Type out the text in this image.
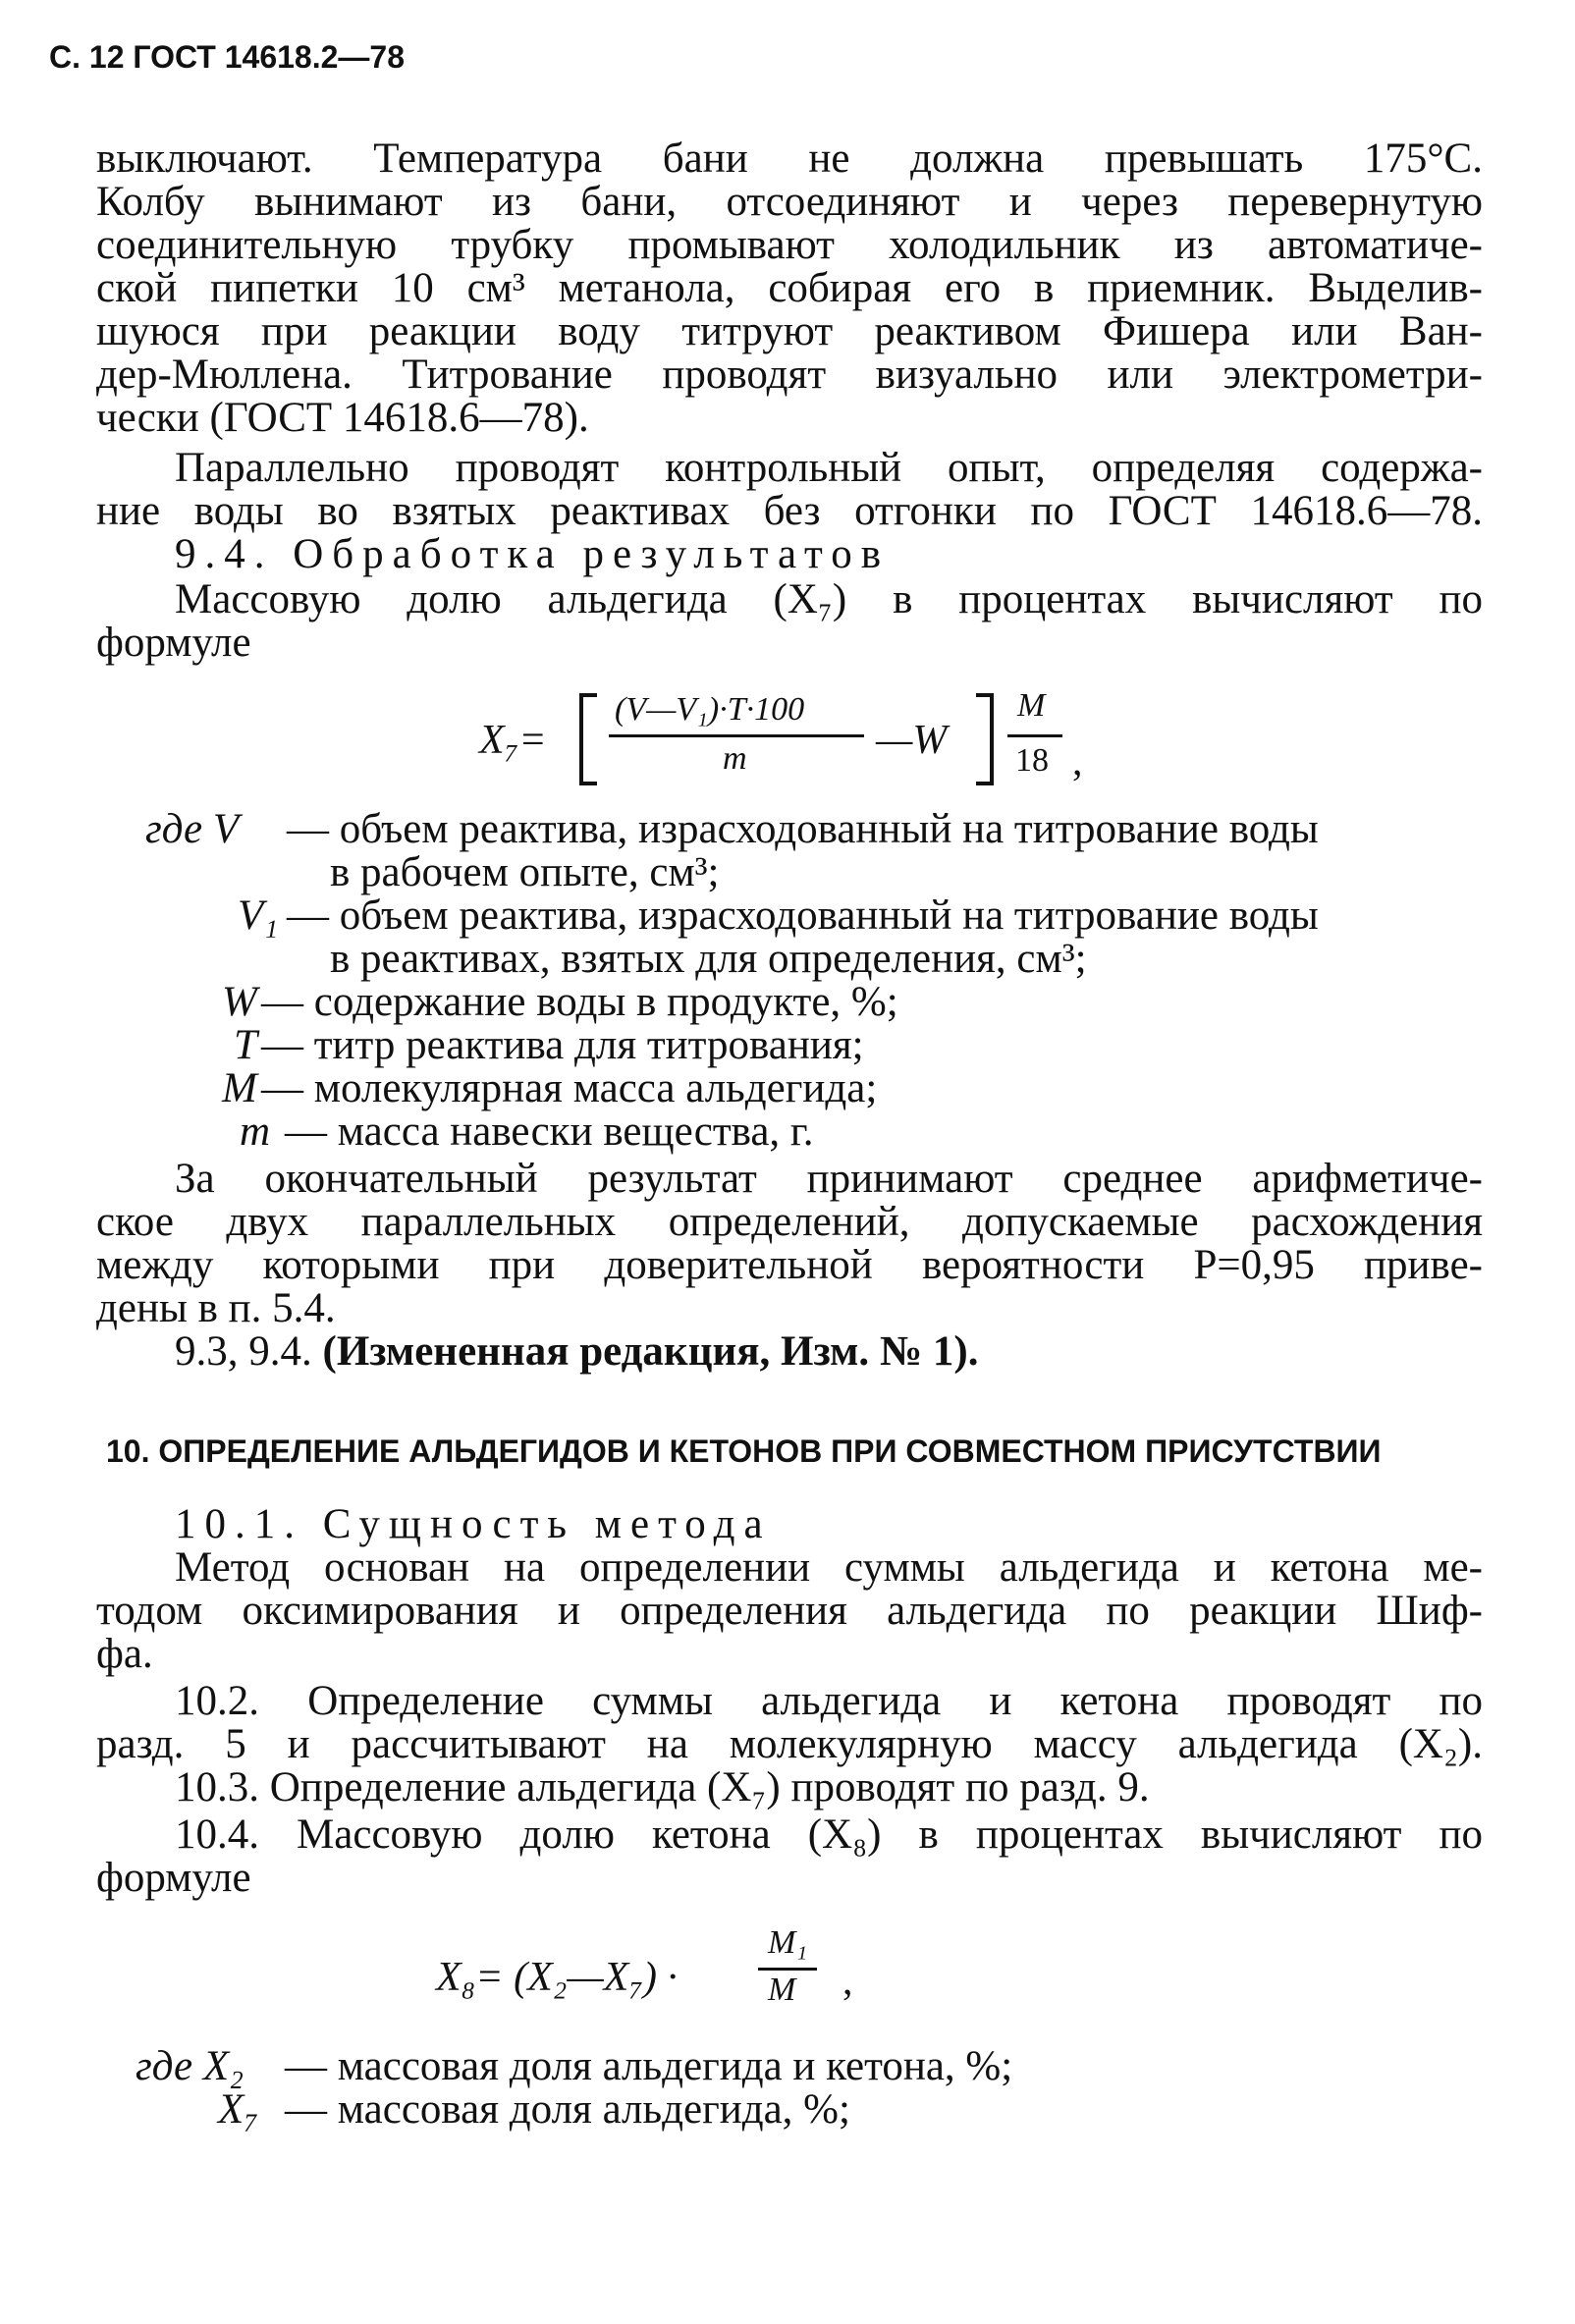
С. 12 ГОСТ 14618.2—78
выключают. Температура бани не должна превышать 175°С.
Колбу вынимают из бани, отсоединяют и через перевернутую
соединительную трубку промывают холодильник из автоматиче-
ской пипетки 10 см³ метанола, собирая его в приемник. Выделив-
шуюся при реакции воду титруют реактивом Фишера или Ван-
дер-Мюллена. Титрование проводят визуально или электрометри-
чески (ГОСТ 14618.6—78).
Параллельно проводят контрольный опыт, определяя содержа-
ние воды во взятых реактивах без отгонки по ГОСТ 14618.6—78.
9.4. Обработка результатов
Массовую долю альдегида (X₇) в процентах вычисляют по
формуле
X₇=
(V—V₁)·T·100
m	—W
M
18 ,
где V — объем реактива, израсходованный на титрование воды
в рабочем опыте, см³;
V₁ — объем реактива, израсходованный на титрование воды
в реактивах, взятых для определения, см³;
W — содержание воды в продукте, %;
T — титр реактива для титрования;
M — молекулярная масса альдегида;
m — масса навески вещества, г.
За окончательный результат принимают среднее арифметиче-
ское двух параллельных определений, допускаемые расхождения
между которыми при доверительной вероятности P=0,95 приве-
дены в п. 5.4.
9.3, 9.4. (Измененная редакция, Изм. № 1).
10. ОПРЕДЕЛЕНИЕ АЛЬДЕГИДОВ И КЕТОНОВ ПРИ СОВМЕСТНОМ ПРИСУТСТВИИ
10.1. Сущность метода
Метод основан на определении суммы альдегида и кетона ме-
тодом оксимирования и определения альдегида по реакции Шиф-
фа.
10.2. Определение суммы альдегида и кетона проводят по
разд. 5 и рассчитывают на молекулярную массу альдегида (X₂).
10.3. Определение альдегида (X₇) проводят по разд. 9.
10.4. Массовую долю кетона (X₈) в процентах вычисляют по
формуле
X₈= (X₂—X₇) ·
M₁
M ,
где X₂ — массовая доля альдегида и кетона, %;
X₇ — массовая доля альдегида, %;
